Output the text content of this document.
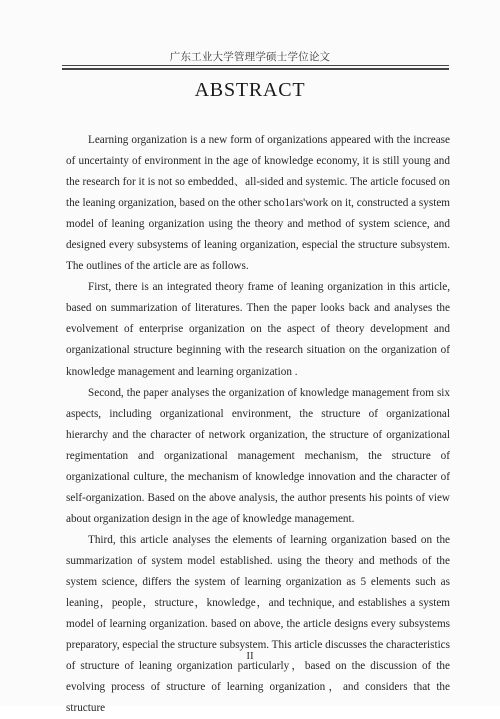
广东工业大学管理学硕士学位论文
ABSTRACT

Learning organization is a new form of organizations appeared with the increase of uncertainty of environment in the age of knowledge economy, it is still young and the research for it is not so embedded、all-sided and systemic. The article focused on the leaning organization, based on the other scho1ars'work on it, constructed a system model of leaning organization using the theory and method of system science, and designed every subsystems of leaning organization, especial the structure subsystem. The outlines of the article are as follows.

First, there is an integrated theory frame of leaning organization in this article, based on summarization of literatures. Then the paper looks back and analyses the evolvement of enterprise organization on the aspect of theory development and organizational structure beginning with the research situation on the organization of knowledge management and learning organization .

Second, the paper analyses the organization of knowledge management from six aspects, including organizational environment, the structure of organizational hierarchy and the character of network organization, the structure of organizational regimentation and organizational management mechanism, the structure of organizational culture, the mechanism of knowledge innovation and the character of self-organization. Based on the above analysis, the author presents his points of view about organization design in the age of knowledge management.

Third, this article analyses the elements of learning organization based on the summarization of system model established. using the theory and methods of the system science, differs the system of learning organization as 5 elements such as leaning，people，structure，knowledge，and technique, and establishes a system model of learning organization. based on above, the article designs every subsystems preparatory, especial the structure subsystem. This article discusses the characteristics of structure of leaning organization particularly，based on the discussion of the evolving process of structure of learning organization，and considers that the structure

II
